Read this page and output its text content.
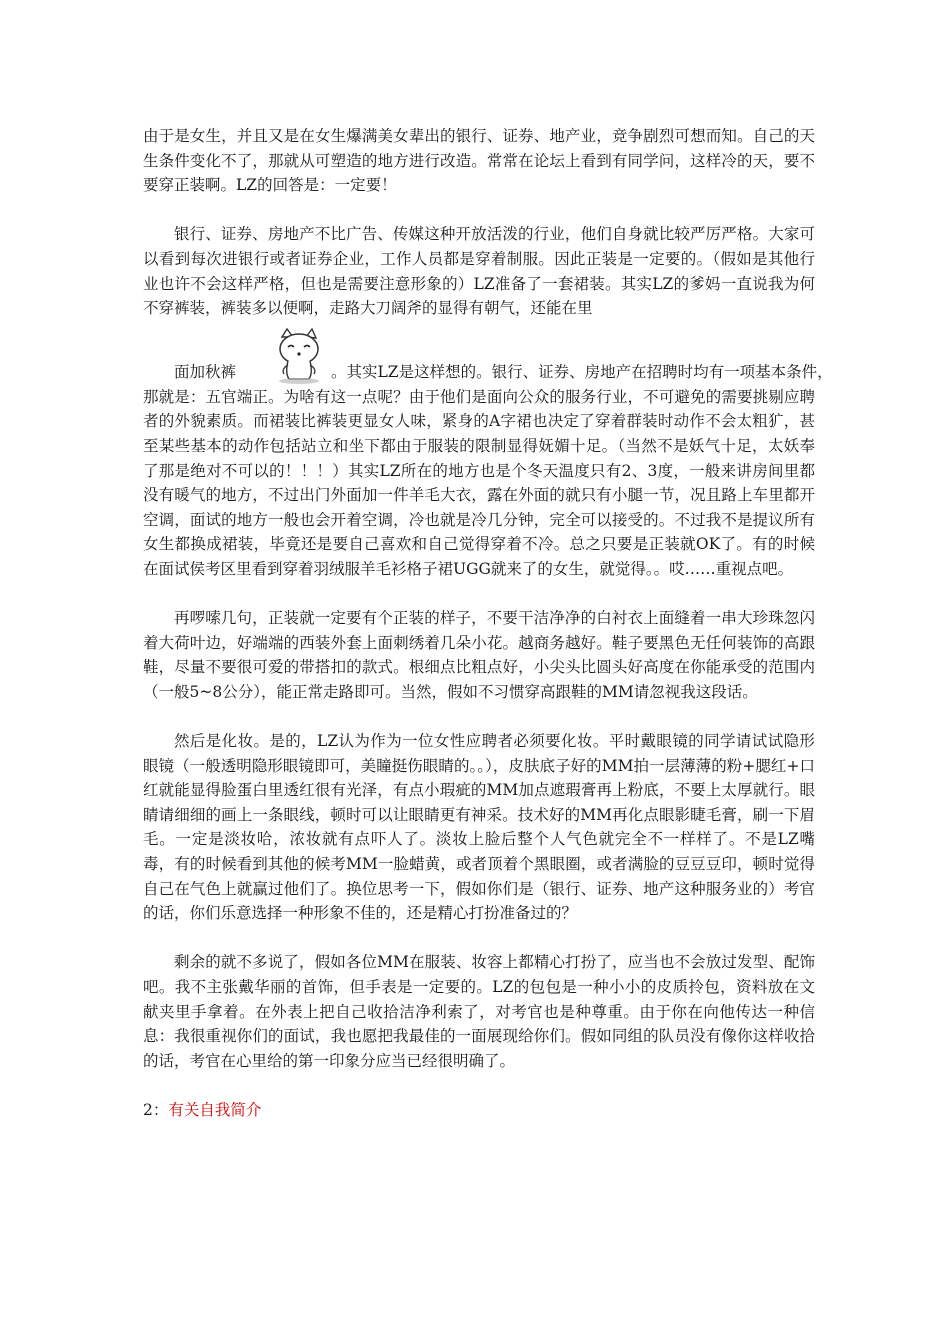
由于是女生，并且又是在女生爆满美女辈出的银行、证券、地产业，竞争剧烈可想而知。自己的天生条件变化不了，那就从可塑造的地方进行改造。常常在论坛上看到有同学问，这样冷的天，要不要穿正装啊。LZ的回答是：一定要！

银行、证券、房地产不比广告、传媒这种开放活泼的行业，他们自身就比较严厉严格。大家可以看到每次进银行或者证券企业，工作人员都是穿着制服。因此正装是一定要的。（假如是其他行业也许不会这样严格，但也是需要注意形象的）LZ准备了一套裙装。其实LZ的爹妈一直说我为何不穿裤装，裤装多以便啊，走路大刀阔斧的显得有朝气，还能在里
面加秋裤	。其实LZ是这样想的。银行、证券、房地产在招聘时均有一项基本条件，
那就是：五官端正。为啥有这一点呢？由于他们是面向公众的服务行业，不可避免的需要挑剔应聘者的外貌素质。而裙装比裤装更显女人味，紧身的A字裙也决定了穿着群装时动作不会太粗犷，甚至某些基本的动作包括站立和坐下都由于服装的限制显得妩媚十足。（当然不是妖气十足，太妖奉了那是绝对不可以的！！！）其实LZ所在的地方也是个冬天温度只有2、3度，一般来讲房间里都没有暖气的地方，不过出门外面加一件羊毛大衣，露在外面的就只有小腿一节，况且路上车里都开空调，面试的地方一般也会开着空调，冷也就是冷几分钟，完全可以接受的。不过我不是提议所有女生都换成裙装，毕竟还是要自己喜欢和自己觉得穿着不冷。总之只要是正装就OK了。有的时候在面试侯考区里看到穿着羽绒服羊毛衫格子裙UGG就来了的女生，就觉得。。哎……重视点吧。

再啰嗦几句，正装就一定要有个正装的样子，不要干洁净净的白衬衣上面缝着一串大珍珠忽闪着大荷叶边，好端端的西装外套上面刺绣着几朵小花。越商务越好。鞋子要黑色无任何装饰的高跟鞋，尽量不要很可爱的带搭扣的款式。根细点比粗点好，小尖头比圆头好高度在你能承受的范围内（一般5~8公分），能正常走路即可。当然，假如不习惯穿高跟鞋的MM请忽视我这段话。

然后是化妆。是的，LZ认为作为一位女性应聘者必须要化妆。平时戴眼镜的同学请试试隐形眼镜（一般透明隐形眼镜即可，美瞳挺伤眼睛的。。），皮肤底子好的MM拍一层薄薄的粉+腮红+口红就能显得脸蛋白里透红很有光泽，有点小瑕疵的MM加点遮瑕膏再上粉底，不要上太厚就行。眼睛请细细的画上一条眼线，顿时可以让眼睛更有神采。技术好的MM再化点眼影睫毛膏，刷一下眉毛。一定是淡妆哈，浓妆就有点吓人了。淡妆上脸后整个人气色就完全不一样样了。不是LZ嘴毒，有的时候看到其他的候考MM一脸蜡黄，或者顶着个黑眼圈，或者满脸的豆豆豆印，顿时觉得自己在气色上就赢过他们了。换位思考一下，假如你们是（银行、证券、地产这种服务业的）考官的话，你们乐意选择一种形象不佳的，还是精心打扮准备过的？

剩余的就不多说了，假如各位MM在服装、妆容上都精心打扮了，应当也不会放过发型、配饰吧。我不主张戴华丽的首饰，但手表是一定要的。LZ的包包是一种小小的皮质拎包，资料放在文献夹里手拿着。在外表上把自己收拾洁净利索了，对考官也是种尊重。由于你在向他传达一种信息：我很重视你们的面试，我也愿把我最佳的一面展现给你们。假如同组的队员没有像你这样收拾的话，考官在心里给的第一印象分应当已经很明确了。

2：有关自我简介
